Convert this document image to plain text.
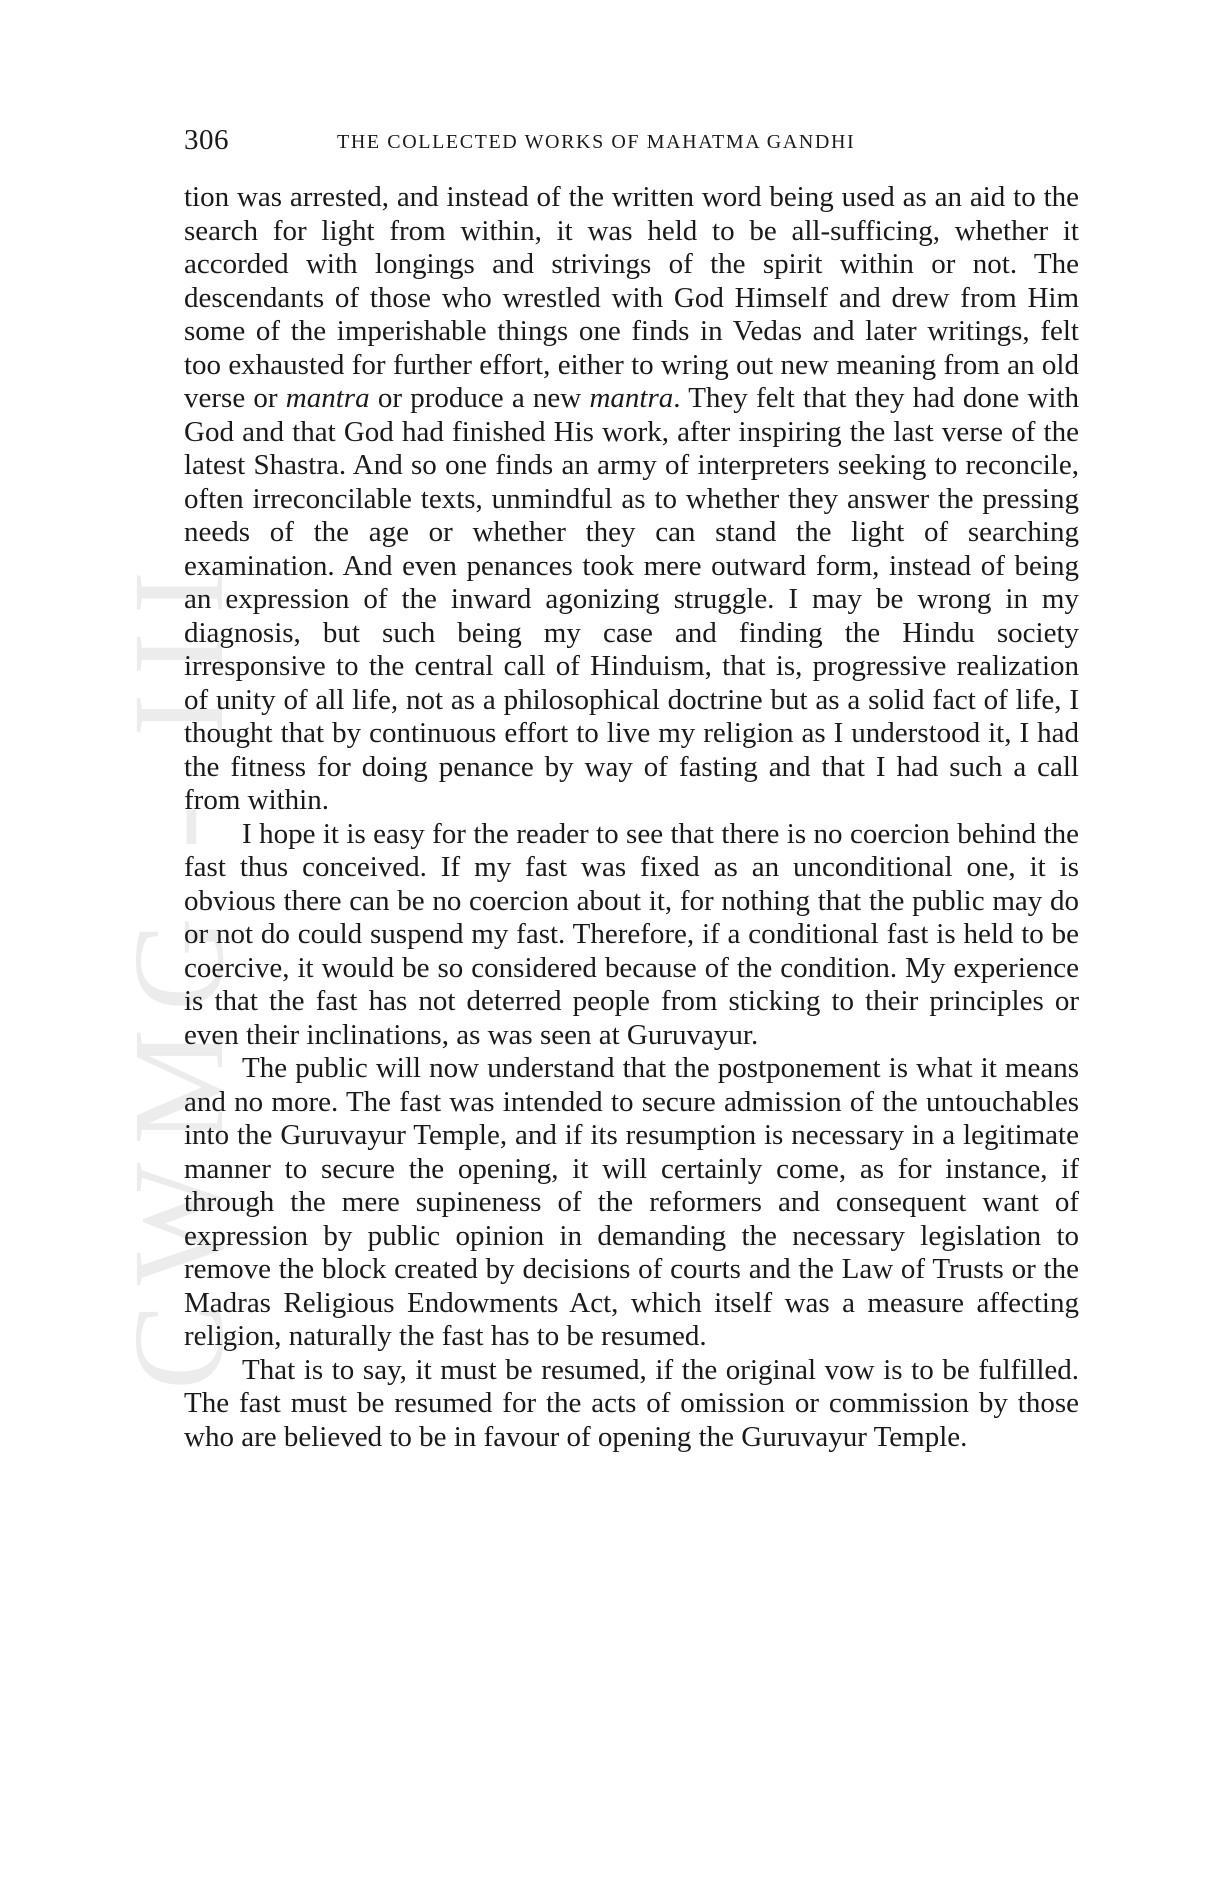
CWMG III
306	THE COLLECTED WORKS OF MAHATMA GANDHI

tion was arrested, and instead of the written word being used as an aid to the search for light from within, it was held to be all-sufficing, whether it accorded with longings and strivings of the spirit within or not. The descendants of those who wrestled with God Himself and drew from Him some of the imperishable things one finds in Vedas and later writings, felt too exhausted for further effort, either to wring out new meaning from an old verse or mantra or produce a new mantra. They felt that they had done with God and that God had finished His work, after inspiring the last verse of the latest Shastra. And so one finds an army of interpreters seeking to reconcile, often irreconcilable texts, unmindful as to whether they answer the pressing needs of the age or whether they can stand the light of searching examination. And even penances took mere outward form, instead of being an expression of the inward agonizing struggle. I may be wrong in my diagnosis, but such being my case and finding the Hindu society irresponsive to the central call of Hinduism, that is, progressive realization of unity of all life, not as a philosophical doctrine but as a solid fact of life, I thought that by continuous effort to live my religion as I understood it, I had the fitness for doing penance by way of fasting and that I had such a call from within.

I hope it is easy for the reader to see that there is no coercion behind the fast thus conceived. If my fast was fixed as an unconditional one, it is obvious there can be no coercion about it, for nothing that the public may do or not do could suspend my fast. Therefore, if a conditional fast is held to be coercive, it would be so considered because of the condition. My experience is that the fast has not deterred people from sticking to their principles or even their inclinations, as was seen at Guruvayur.

The public will now understand that the postponement is what it means and no more. The fast was intended to secure admission of the untouchables into the Guruvayur Temple, and if its resumption is necessary in a legitimate manner to secure the opening, it will certainly come, as for instance, if through the mere supineness of the reformers and consequent want of expression by public opinion in demanding the necessary legislation to remove the block created by decisions of courts and the Law of Trusts or the Madras Religious Endowments Act, which itself was a measure affecting religion, naturally the fast has to be resumed.

That is to say, it must be resumed, if the original vow is to be fulfilled. The fast must be resumed for the acts of omission or commission by those who are believed to be in favour of opening the Guruvayur Temple.
